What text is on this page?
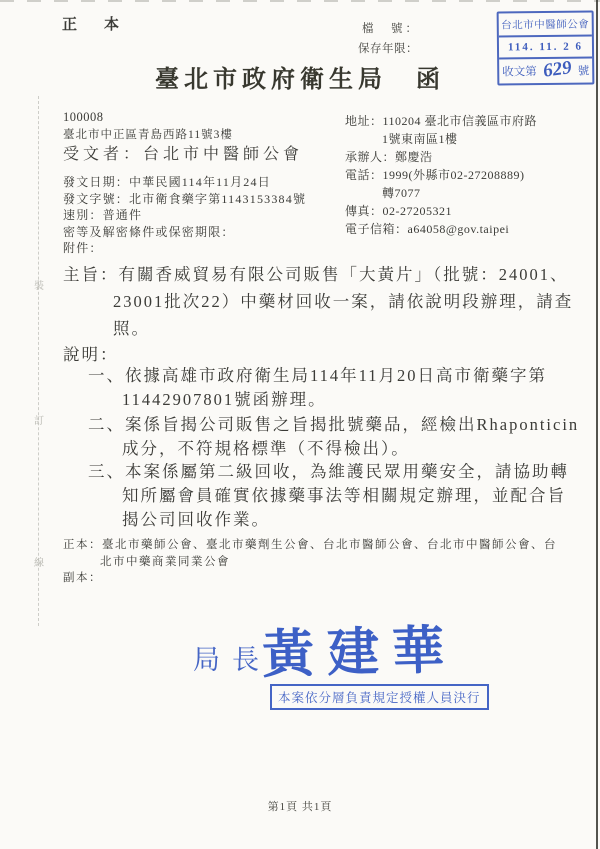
裝
訂
線
正　本	檔　號：
保存年限：
台北市中醫師公會
114. 11. 2 6
收文第 629 號
臺北市政府衛生局　函
100008
臺北市中正區青島西路11號3樓
受文者：台北市中醫師公會
發文日期：中華民國114年11月24日
發文字號：北市衛食藥字第1143153384號
速別：普通件
密等及解密條件或保密期限：
附件：
地址：110204 臺北市信義區市府路
1號東南區1樓
承辦人：鄭慶浩
電話：1999(外縣市02-27208889)
轉7077
傳真：02-27205321
電子信箱：a64058@gov.taipei
主旨：有關香威貿易有限公司販售「大黃片」（批號：24001、
23001批次22）中藥材回收一案，請依說明段辦理，請查
照。
說明：
一、依據高雄市政府衛生局114年11月20日高市衛藥字第
11442907801號函辦理。
二、案係旨揭公司販售之旨揭批號藥品，經檢出Rhaponticin
成分，不符規格標準（不得檢出）。
三、本案係屬第二級回收，為維護民眾用藥安全，請協助轉
知所屬會員確實依據藥事法等相關規定辦理，並配合旨
揭公司回收作業。
正本：臺北市藥師公會、臺北市藥劑生公會、台北市醫師公會、台北市中醫師公會、台
北市中藥商業同業公會
副本：
局長
黃建華
本案依分層負責規定授權人員決行
第1頁 共1頁
